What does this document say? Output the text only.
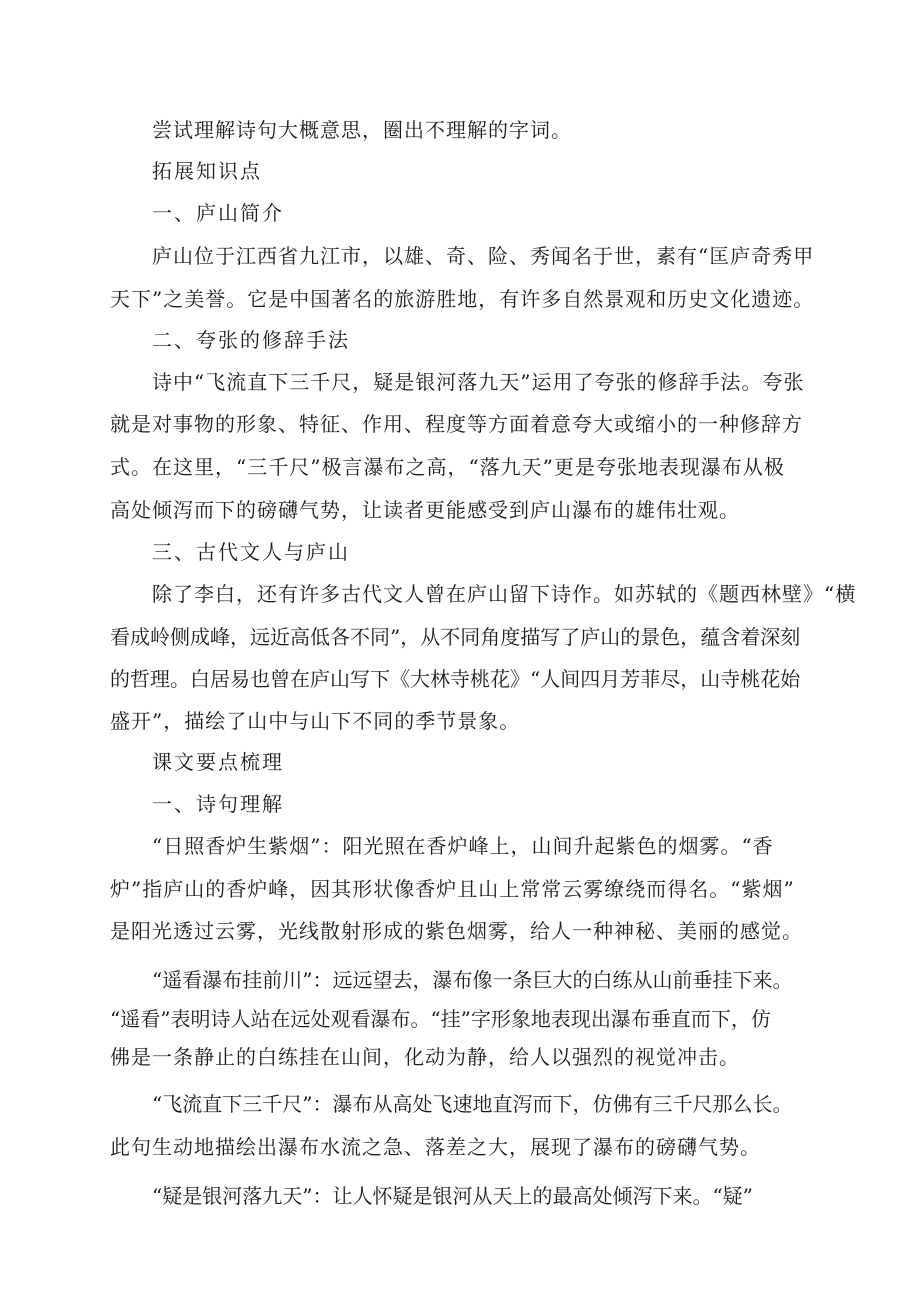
尝试理解诗句大概意思，圈出不理解的字词。
拓展知识点
一、庐山简介
庐山位于江西省九江市，以雄、奇、险、秀闻名于世，素有“匡庐奇秀甲
天下”之美誉。它是中国著名的旅游胜地，有许多自然景观和历史文化遗迹。
二、夸张的修辞手法
诗中“飞流直下三千尺，疑是银河落九天”运用了夸张的修辞手法。夸张
就是对事物的形象、特征、作用、程度等方面着意夸大或缩小的一种修辞方
式。在这里，“三千尺”极言瀑布之高，“落九天”更是夸张地表现瀑布从极
高处倾泻而下的磅礴气势，让读者更能感受到庐山瀑布的雄伟壮观。
三、古代文人与庐山
除了李白，还有许多古代文人曾在庐山留下诗作。如苏轼的《题西林壁》“横
看成岭侧成峰，远近高低各不同”，从不同角度描写了庐山的景色，蕴含着深刻
的哲理。白居易也曾在庐山写下《大林寺桃花》“人间四月芳菲尽，山寺桃花始
盛开”，描绘了山中与山下不同的季节景象。
课文要点梳理
一、诗句理解
“日照香炉生紫烟”：阳光照在香炉峰上，山间升起紫色的烟雾。“香
炉”指庐山的香炉峰，因其形状像香炉且山上常常云雾缭绕而得名。“紫烟”
是阳光透过云雾，光线散射形成的紫色烟雾，给人一种神秘、美丽的感觉。
“遥看瀑布挂前川”：远远望去，瀑布像一条巨大的白练从山前垂挂下来。
“遥看”表明诗人站在远处观看瀑布。“挂”字形象地表现出瀑布垂直而下，仿
佛是一条静止的白练挂在山间，化动为静，给人以强烈的视觉冲击。
“飞流直下三千尺”：瀑布从高处飞速地直泻而下，仿佛有三千尺那么长。
此句生动地描绘出瀑布水流之急、落差之大，展现了瀑布的磅礴气势。
“疑是银河落九天”：让人怀疑是银河从天上的最高处倾泻下来。“疑”
